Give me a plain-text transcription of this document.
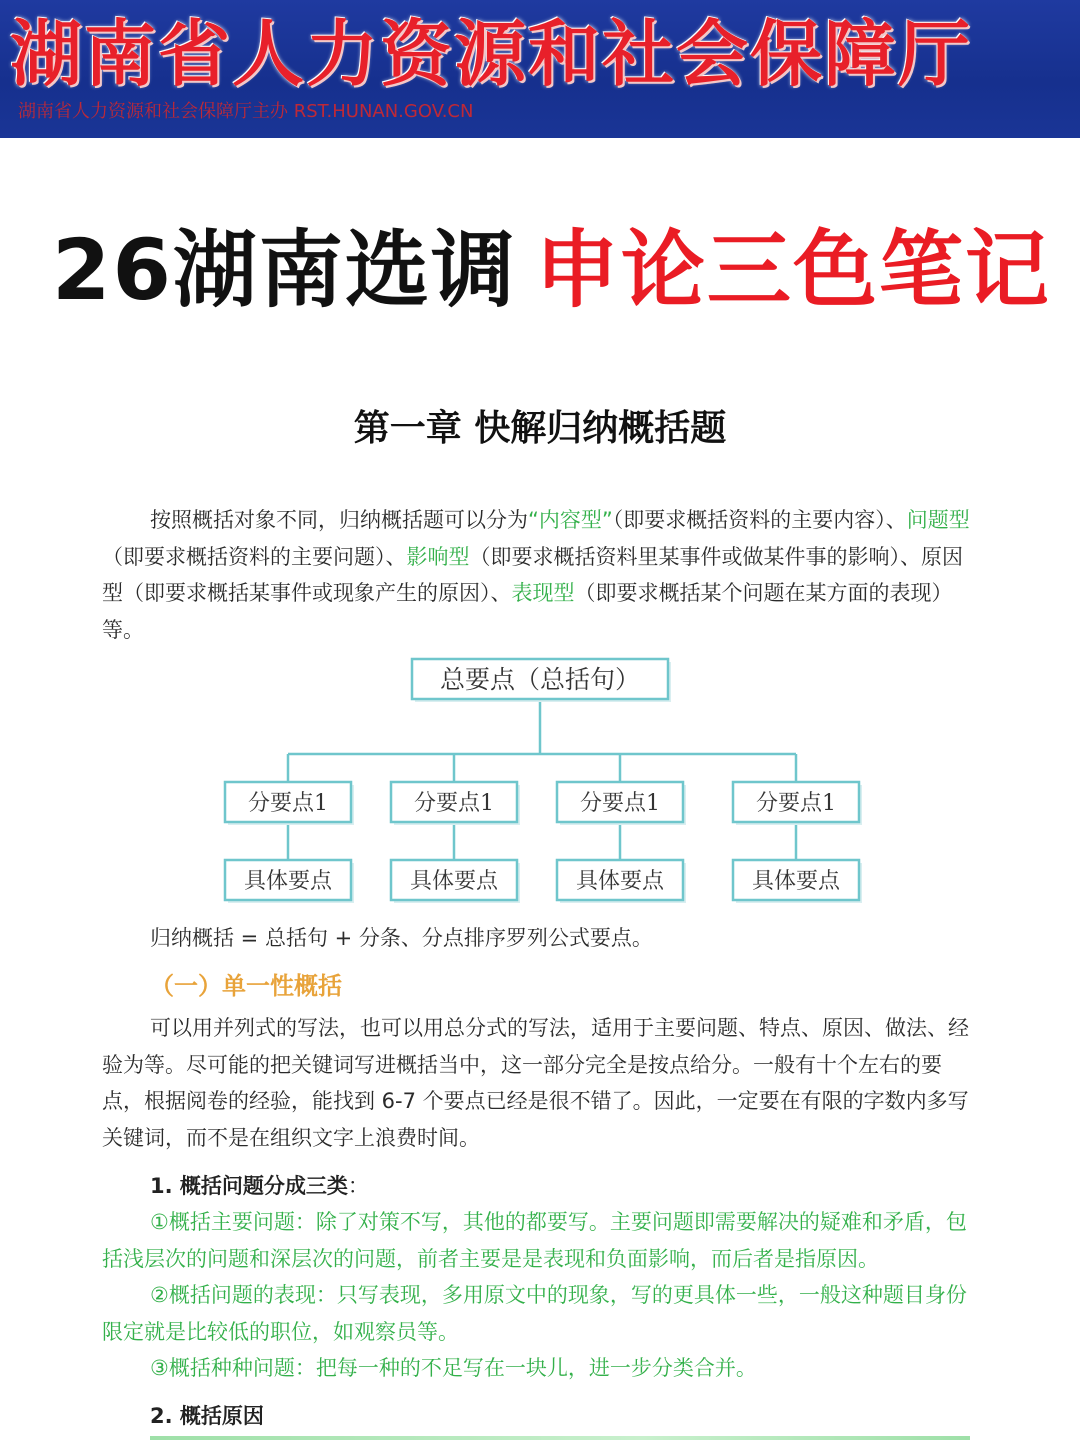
湖南省人力资源和社会保障厅
湖南省人力资源和社会保障厅主办 RST.HUNAN.GOV.CN
26湖南选调 申论三色笔记
第一章 快解归纳概括题

按照概括对象不同，归纳概括题可以分为“内容型”（即要求概括资料的主要内容）、问题型（即要求概括资料的主要问题）、影响型（即要求概括资料里某事件或做某件事的影响）、原因型（即要求概括某事件或现象产生的原因）、表现型（即要求概括某个问题在某方面的表现）等。

总要点（总括句）
分要点1
具体要点
分要点1
具体要点
分要点1
具体要点
分要点1
具体要点
归纳概括 = 总括句 + 分条、分点排序罗列公式要点。
（一）单一性概括

可以用并列式的写法，也可以用总分式的写法，适用于主要问题、特点、原因、做法、经验为等。尽可能的把关键词写进概括当中，这一部分完全是按点给分。一般有十个左右的要点，根据阅卷的经验，能找到 6-7 个要点已经是很不错了。因此，一定要在有限的字数内多写关键词，而不是在组织文字上浪费时间。

1. 概括问题分成三类：

①概括主要问题：除了对策不写，其他的都要写。主要问题即需要解决的疑难和矛盾，包括浅层次的问题和深层次的问题，前者主要是是表现和负面影响，而后者是指原因。

②概括问题的表现：只写表现，多用原文中的现象，写的更具体一些，一般这种题目身份限定就是比较低的职位，如观察员等。

③概括种种问题：把每一种的不足写在一块儿，进一步分类合并。

2. 概括原因
